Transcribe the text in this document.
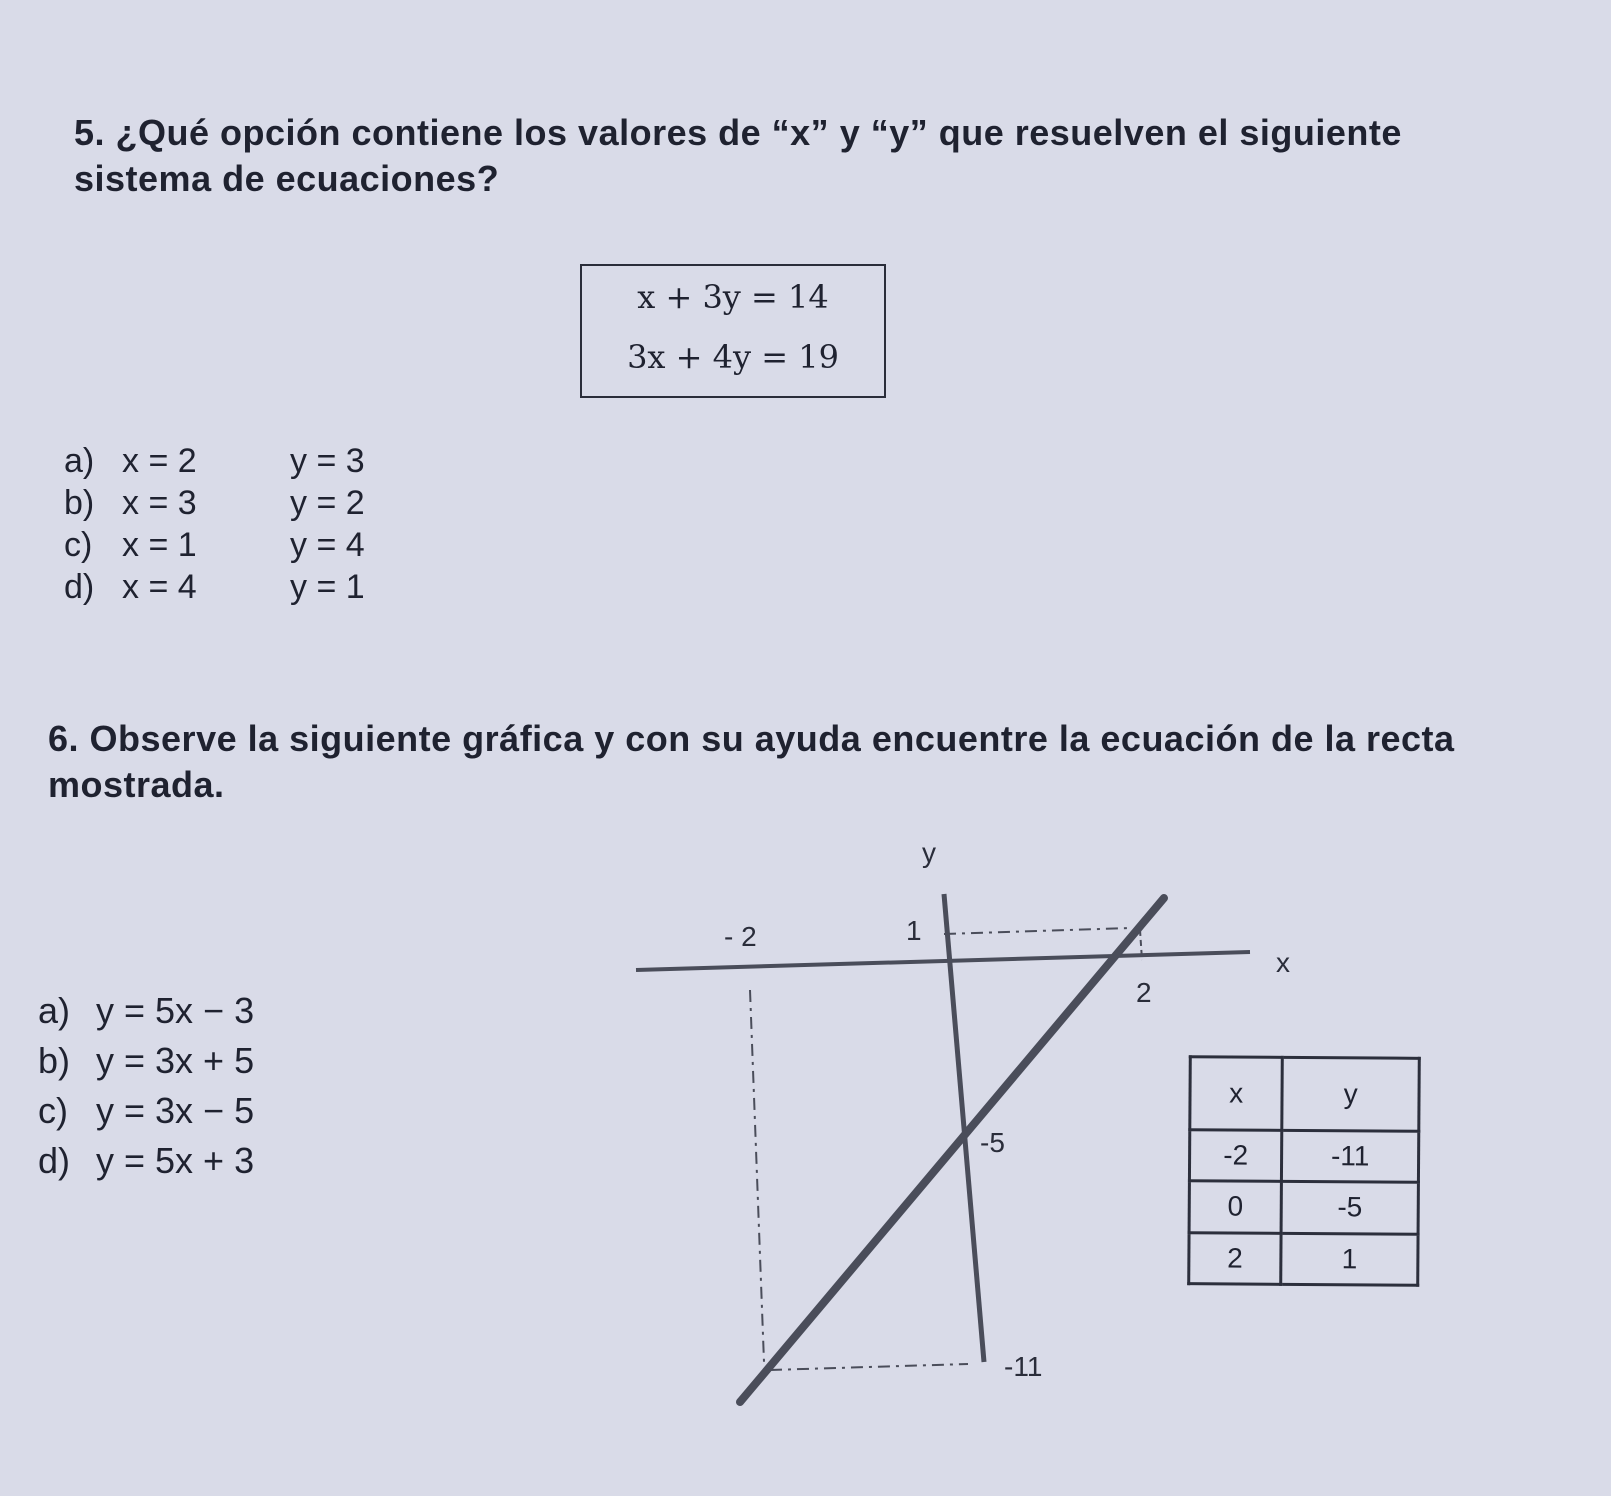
5. ¿Qué opción contiene los valores de “x” y “y” que resuelven el siguiente sistema de ecuaciones?

x + 3y = 14
3x + 4y = 19

a) x = 2	y = 3

b) x = 3	y = 2

c) x = 1	y = 4

d) x = 4	y = 1

6. Observe la siguiente gráfica y con su ayuda encuentre la ecuación de la recta mostrada.

a) y = 5x − 3

b) y = 3x + 5

c) y = 3x − 5

d) y = 5x + 3

y
x
- 2
2
1
-5
-11
x	y
-2	-11
0	-5
2	1
